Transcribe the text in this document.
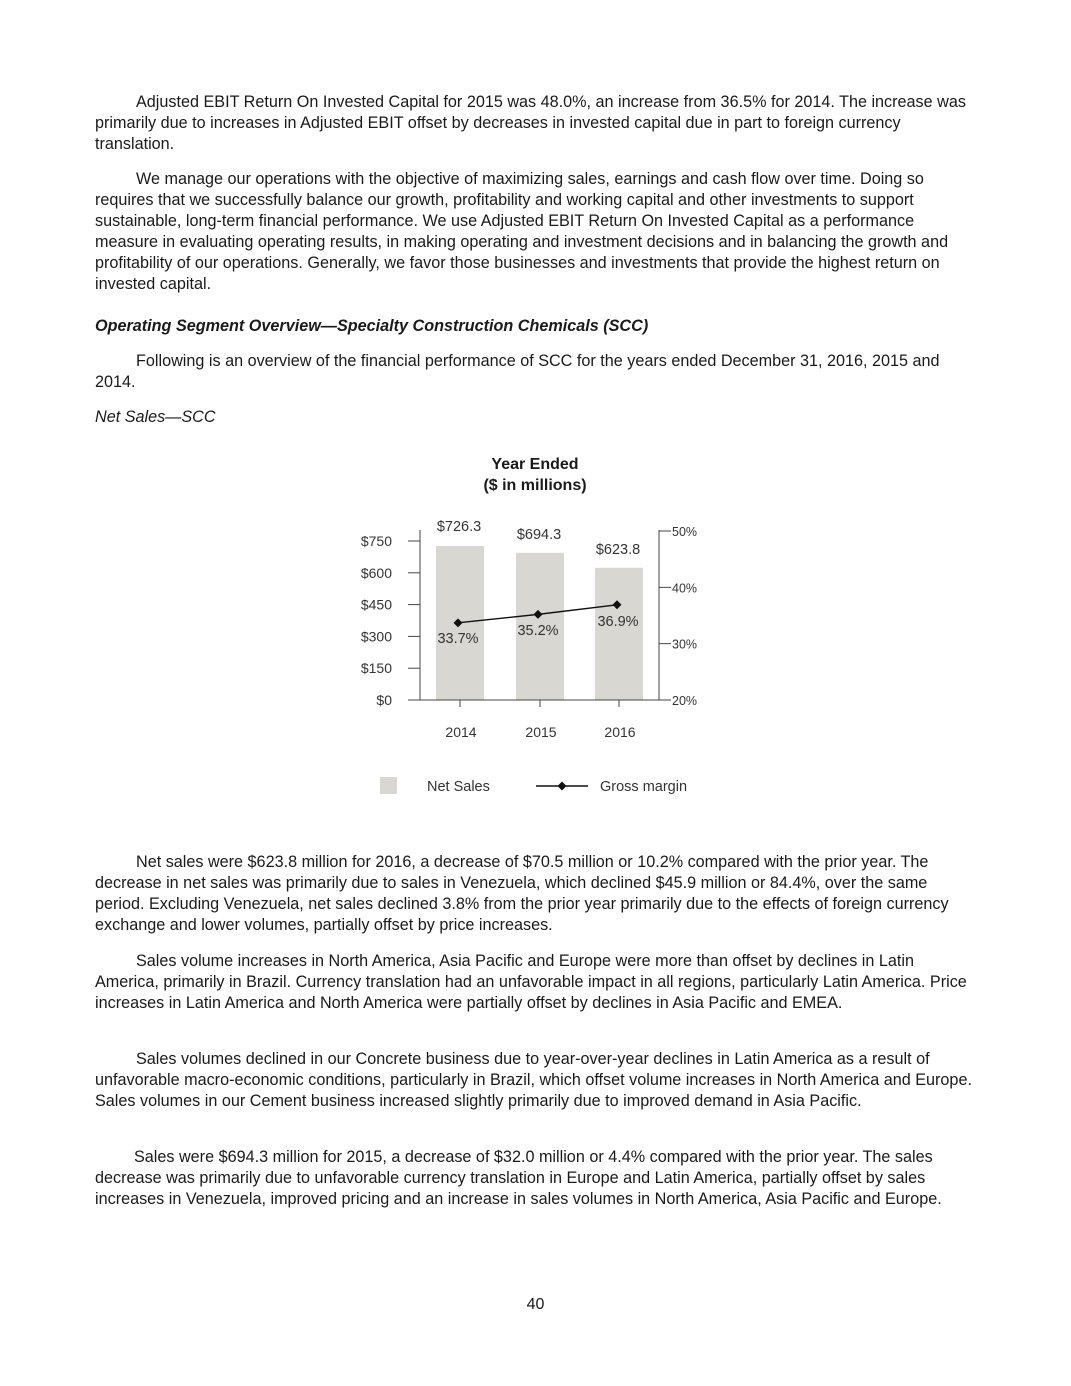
Adjusted EBIT Return On Invested Capital for 2015 was 48.0%, an increase from 36.5% for 2014. The increase was primarily due to increases in Adjusted EBIT offset by decreases in invested capital due in part to foreign currency translation.

We manage our operations with the objective of maximizing sales, earnings and cash flow over time. Doing so requires that we successfully balance our growth, profitability and working capital and other investments to support sustainable, long-term financial performance. We use Adjusted EBIT Return On Invested Capital as a performance measure in evaluating operating results, in making operating and investment decisions and in balancing the growth and profitability of our operations. Generally, we favor those businesses and investments that provide the highest return on invested capital.

Operating Segment Overview—Specialty Construction Chemicals (SCC)

Following is an overview of the financial performance of SCC for the years ended December 31, 2016, 2015 and 2014.

Net Sales—SCC

Year Ended
($ in millions)
$726.3 $694.3
$623.8
$0
$150
$300
$450
$600
$750
20%
30%
40%
50%
2014	2015	2016
33.7%	35.2%
36.9%
Net Sales	Gross margin

Net sales were $623.8 million for 2016, a decrease of $70.5 million or 10.2% compared with the prior year. The decrease in net sales was primarily due to sales in Venezuela, which declined $45.9 million or 84.4%, over the same period. Excluding Venezuela, net sales declined 3.8% from the prior year primarily due to the effects of foreign currency exchange and lower volumes, partially offset by price increases.

Sales volume increases in North America, Asia Pacific and Europe were more than offset by declines in Latin America, primarily in Brazil. Currency translation had an unfavorable impact in all regions, particularly Latin America. Price increases in Latin America and North America were partially offset by declines in Asia Pacific and EMEA.

Sales volumes declined in our Concrete business due to year-over-year declines in Latin America as a result of unfavorable macro-economic conditions, particularly in Brazil, which offset volume increases in North America and Europe. Sales volumes in our Cement business increased slightly primarily due to improved demand in Asia Pacific.

Sales were $694.3 million for 2015, a decrease of $32.0 million or 4.4% compared with the prior year. The sales decrease was primarily due to unfavorable currency translation in Europe and Latin America, partially offset by sales increases in Venezuela, improved pricing and an increase in sales volumes in North America, Asia Pacific and Europe.

40
